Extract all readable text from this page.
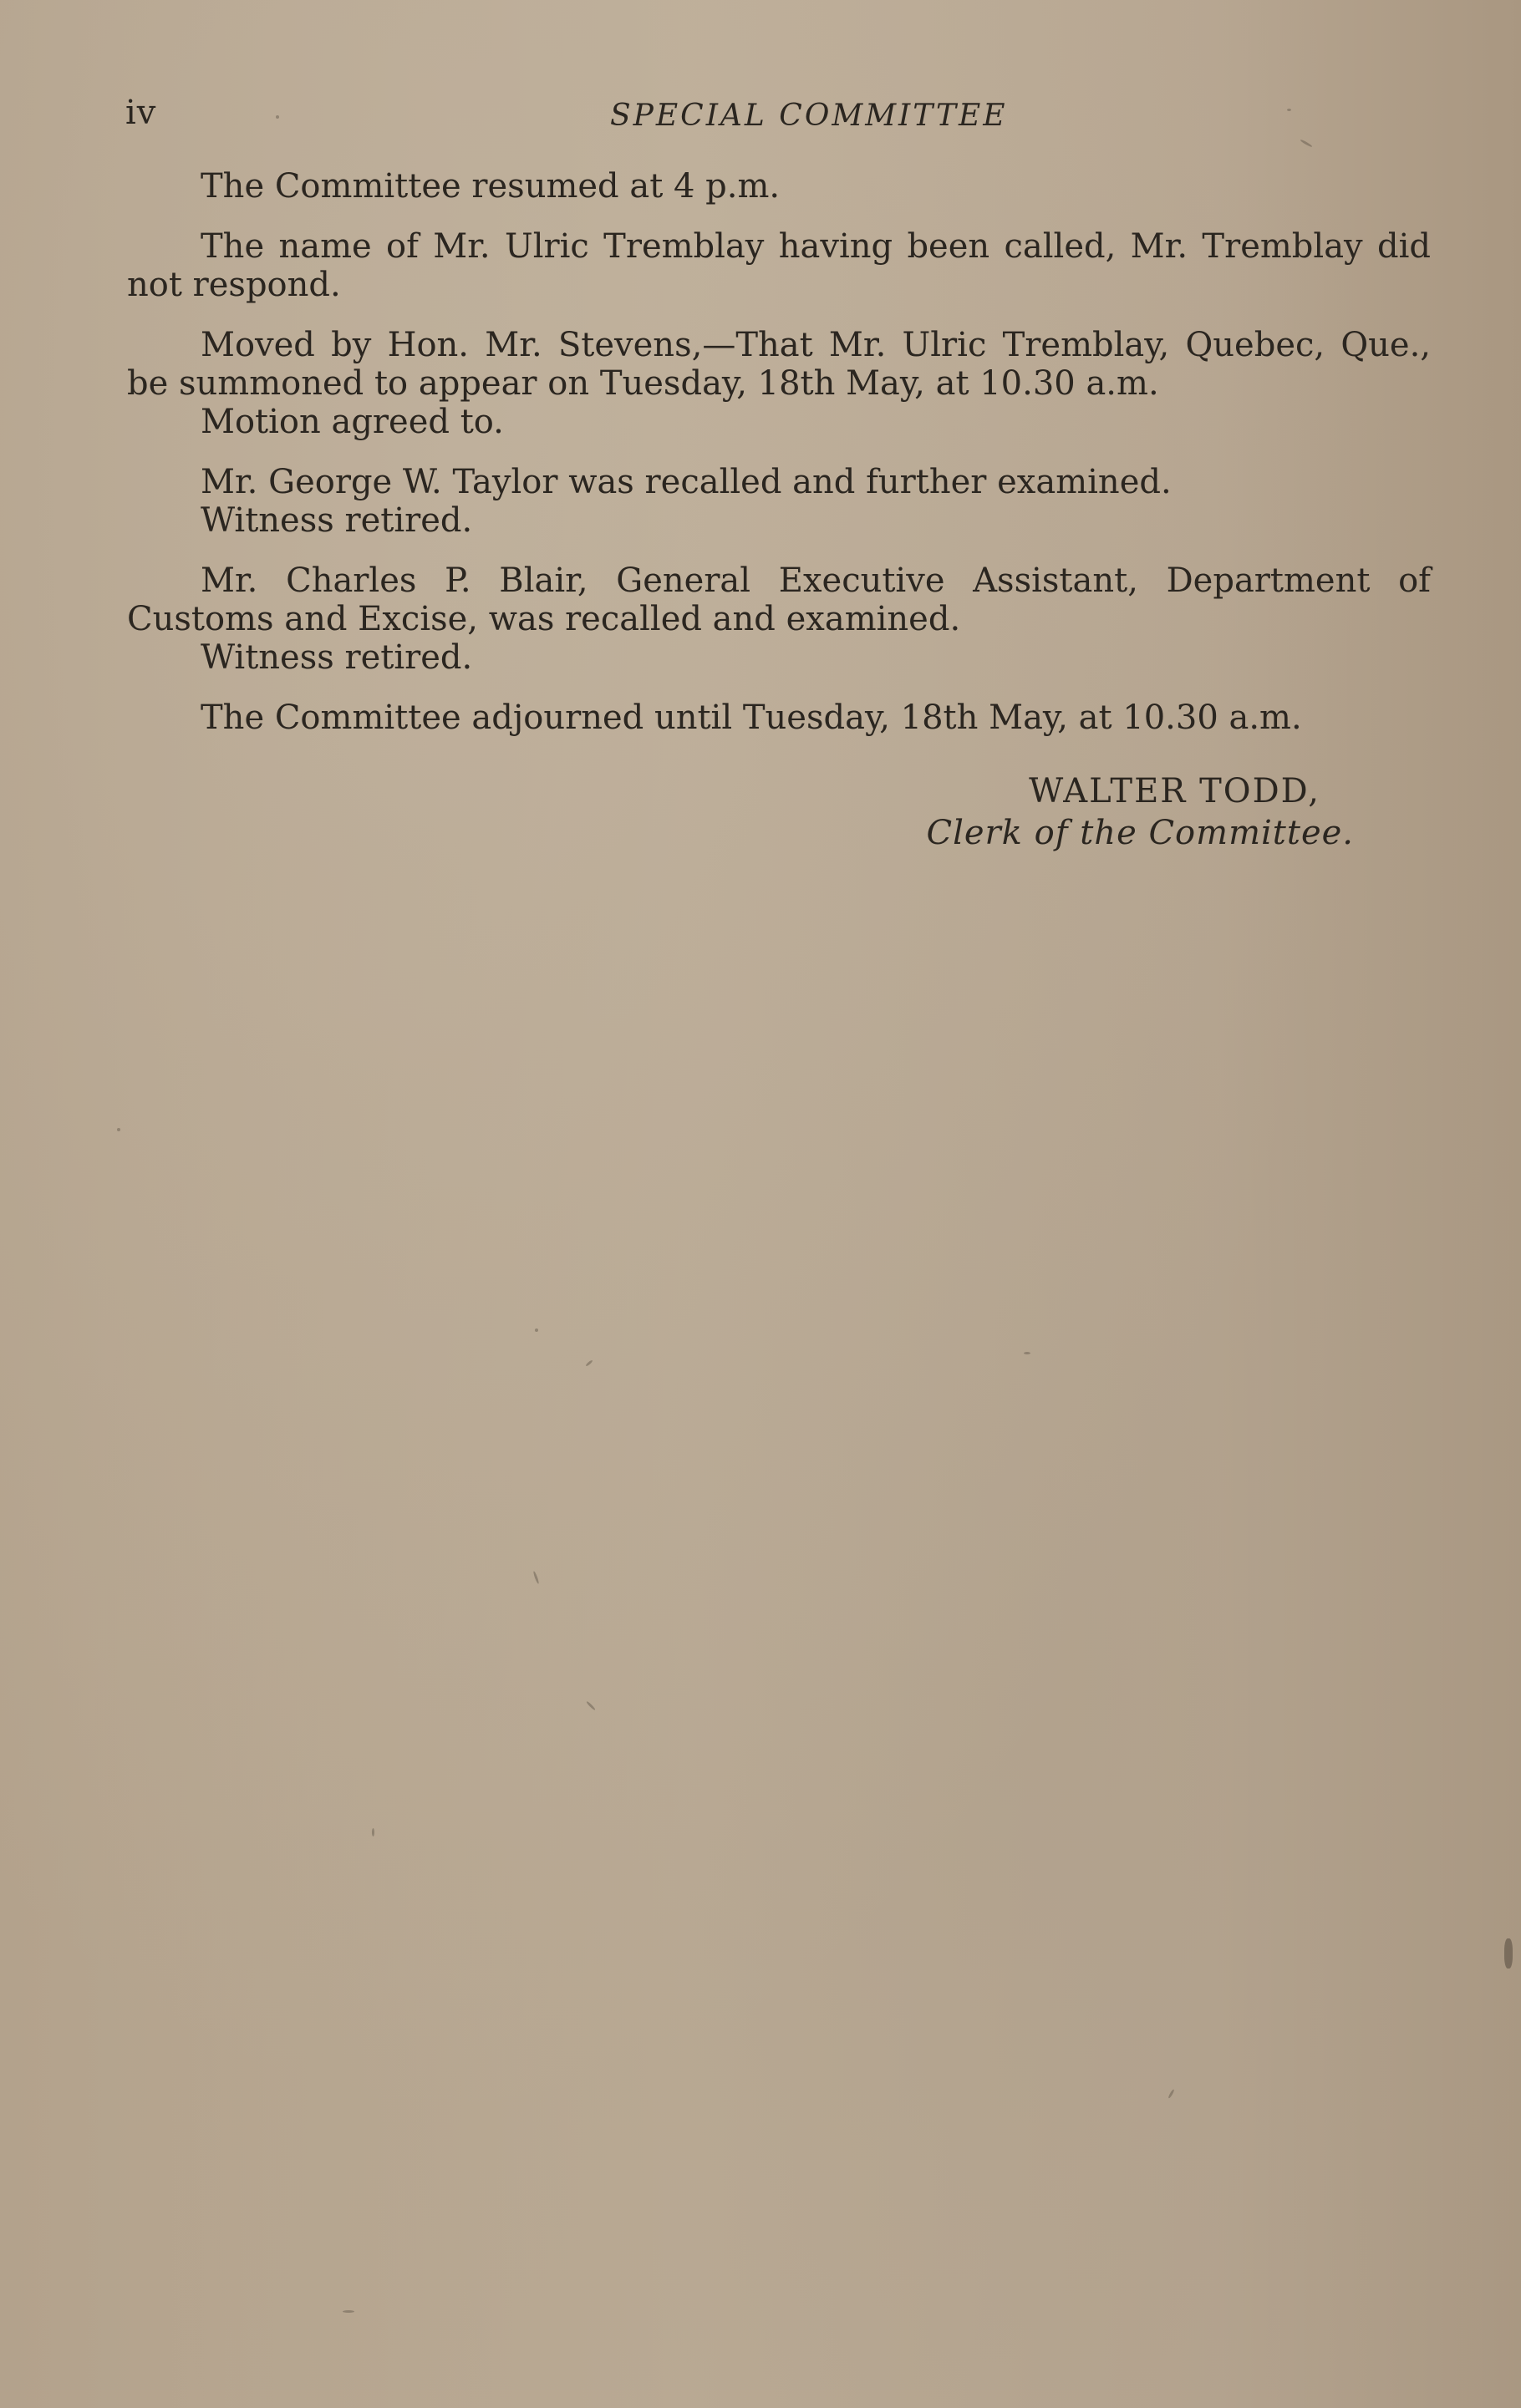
iv	SPECIAL COMMITTEE

The Committee resumed at 4 p.m.

The name of Mr. Ulric Tremblay having been called, Mr. Tremblay did not respond.

Moved by Hon. Mr. Stevens,—That Mr. Ulric Tremblay, Quebec, Que., be summoned to appear on Tuesday, 18th May, at 10.30 a.m.

Motion agreed to.

Mr. George W. Taylor was recalled and further examined.

Witness retired.

Mr. Charles P. Blair, General Executive Assistant, Department of Customs and Excise, was recalled and examined.

Witness retired.

The Committee adjourned until Tuesday, 18th May, at 10.30 a.m.

WALTER TODD,
Clerk of the Committee.
